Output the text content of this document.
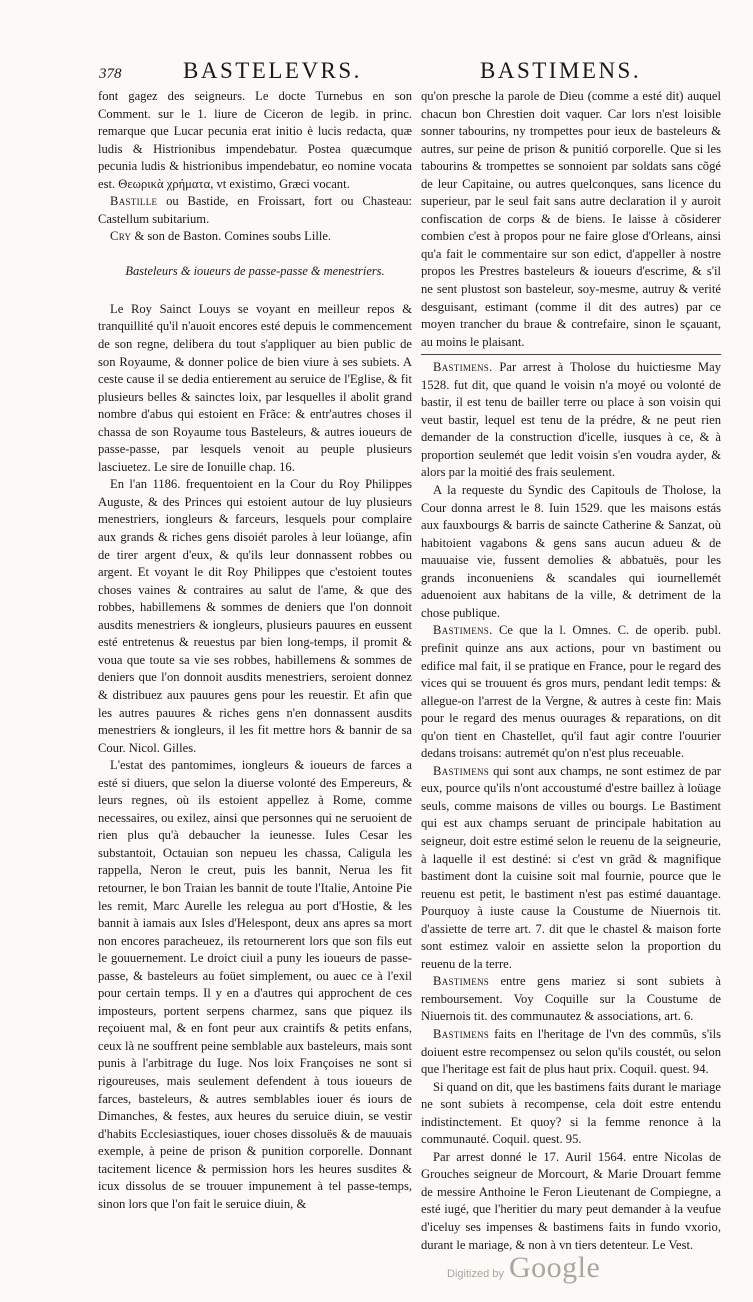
378	BASTELEVRS.	BASTIMENS.

font gagez des seigneurs. Le docte Turnebus en son Comment. sur le 1. liure de Ciceron de legib. in princ. remarque que Lucar pecunia erat initio è lucis redacta, quæ ludis & Histrionibus impendebatur. Postea quæcumque pecunia ludis & histrionibus impendebatur, eo nomine vocata est. Θεωρικὰ χρήματα, vt existimo, Græci vocant.

Bastille ou Bastide, en Froissart, fort ou Chasteau: Castellum subitarium.

Cry & son de Baston. Comines soubs Lille.

Basteleurs & ioueurs de passe-passe & menestriers.

Le Roy Sainct Louys se voyant en meilleur repos & tranquillité qu'il n'auoit encores esté depuis le commencement de son regne, delibera du tout s'appliquer au bien public de son Royaume, & donner police de bien viure à ses subiets. A ceste cause il se dedia entierement au seruice de l'Eglise, & fit plusieurs belles & sainctes loix, par lesquelles il abolit grand nombre d'abus qui estoient en Frãce: & entr'autres choses il chassa de son Royaume tous Basteleurs, & autres ioueurs de passe-passe, par lesquels venoit au peuple plusieurs lasciuetez. Le sire de Ionuille chap. 16.

En l'an 1186. frequentoient en la Cour du Roy Philippes Auguste, & des Princes qui estoient autour de luy plusieurs menestriers, iongleurs & farceurs, lesquels pour complaire aux grands & riches gens disoiét paroles à leur loüange, afin de tirer argent d'eux, & qu'ils leur donnassent robbes ou argent. Et voyant le dit Roy Philippes que c'estoient toutes choses vaines & contraires au salut de l'ame, & que des robbes, habillemens & sommes de deniers que l'on donnoit ausdits menestriers & iongleurs, plusieurs pauures en eussent esté entretenus & reuestus par bien long-temps, il promit & voua que toute sa vie ses robbes, habillemens & sommes de deniers que l'on donnoit ausdits menestriers, seroient donnez & distribuez aux pauures gens pour les reuestir. Et afin que les autres pauures & riches gens n'en donnassent ausdits menestriers & iongleurs, il les fit mettre hors & bannir de sa Cour. Nicol. Gilles.

L'estat des pantomimes, iongleurs & ioueurs de farces a esté si diuers, que selon la diuerse volonté des Empereurs, & leurs regnes, où ils estoient appellez à Rome, comme necessaires, ou exilez, ainsi que personnes qui ne seruoient de rien plus qu'à debaucher la ieunesse. Iules Cesar les substantoit, Octauian son nepueu les chassa, Caligula les rappella, Neron le creut, puis les bannit, Nerua les fit retourner, le bon Traian les bannit de toute l'Italie, Antoine Pie les remit, Marc Aurelle les relegua au port d'Hostie, & les bannit à iamais aux Isles d'Helespont, deux ans apres sa mort non encores paracheuez, ils retournerent lors que son fils eut le gouuernement. Le droict ciuil a puny les ioueurs de passe-passe, & basteleurs au foüet simplement, ou auec ce à l'exil pour certain temps. Il y en a d'autres qui approchent de ces imposteurs, portent serpens charmez, sans que piquez ils reçoiuent mal, & en font peur aux craintifs & petits enfans, ceux là ne souffrent peine semblable aux basteleurs, mais sont punis à l'arbitrage du Iuge. Nos loix Françoises ne sont si rigoureuses, mais seulement defendent à tous ioueurs de farces, basteleurs, & autres semblables iouer és iours de Dimanches, & festes, aux heures du seruice diuin, se vestir d'habits Ecclesiastiques, iouer choses dissoluës & de mauuais exemple, à peine de prison & punition corporelle. Donnant tacitement licence & permission hors les heures susdites & icux dissolus de se trouuer impunement à tel passe-temps, sinon lors que l'on fait le seruice diuin, &

qu'on presche la parole de Dieu (comme a esté dit) auquel chacun bon Chrestien doit vaquer. Car lors n'est loisible sonner tabourins, ny trompettes pour ieux de basteleurs & autres, sur peine de prison & punitió corporelle. Que si les tabourins & trompettes se sonnoient par soldats sans cõgé de leur Capitaine, ou autres quelconques, sans licence du superieur, par le seul fait sans autre declaration il y auroit confiscation de corps & de biens. Ie laisse à cõsiderer combien c'est à propos pour ne faire glose d'Orleans, ainsi qu'a fait le commentaire sur son edict, d'appeller à nostre propos les Prestres basteleurs & ioueurs d'escrime, & s'il ne sent plustost son basteleur, soy-mesme, autruy & verité desguisant, estimant (comme il dit des autres) par ce moyen trancher du braue & contrefaire, sinon le sçauant, au moins le plaisant.

Bastimens. Par arrest à Tholose du huictiesme May 1528. fut dit, que quand le voisin n'a moyé ou volonté de bastir, il est tenu de bailler terre ou place à son voisin qui veut bastir, lequel est tenu de la prédre, & ne peut rien demander de la construction d'icelle, iusques à ce, & à proportion seulemét que ledit voisin s'en voudra ayder, & alors par la moitié des frais seulement.

A la requeste du Syndic des Capitouls de Tholose, la Cour donna arrest le 8. Iuin 1529. que les maisons estás aux fauxbourgs & barris de saincte Catherine & Sanzat, où habitoient vagabons & gens sans aucun adueu & de mauuaise vie, fussent demolies & abbatuës, pour les grands inconueniens & scandales qui iournellemét aduenoient aux habitans de la ville, & detriment de la chose publique.

Bastimens. Ce que la l. Omnes. C. de operib. publ. prefinit quinze ans aux actions, pour vn bastiment ou edifice mal fait, il se pratique en France, pour le regard des vices qui se trouuent és gros murs, pendant ledit temps: & allegue-on l'arrest de la Vergne, & autres à ceste fin: Mais pour le regard des menus ouurages & reparations, on dit qu'on tient en Chastellet, qu'il faut agir contre l'ouurier dedans troisans: autremét qu'on n'est plus receuable.

Bastimens qui sont aux champs, ne sont estimez de par eux, pource qu'ils n'ont accoustumé d'estre baillez à loüage seuls, comme maisons de villes ou bourgs. Le Bastiment qui est aux champs seruant de principale habitation au seigneur, doit estre estimé selon le reuenu de la seigneurie, à laquelle il est destiné: si c'est vn grãd & magnifique bastiment dont la cuisine soit mal fournie, pource que le reuenu est petit, le bastiment n'est pas estimé dauantage. Pourquoy à iuste cause la Coustume de Niuernois tit. d'assiette de terre art. 7. dit que le chastel & maison forte sont estimez valoir en assiette selon la proportion du reuenu de la terre.

Bastimens entre gens mariez si sont subiets à remboursement. Voy Coquille sur la Coustume de Niuernois tit. des communautez & associations, art. 6.

Bastimens faits en l'heritage de l'vn des commũs, s'ils doiuent estre recompensez ou selon qu'ils coustét, ou selon que l'heritage est fait de plus haut prix. Coquil. quest. 94.

Si quand on dit, que les bastimens faits durant le mariage ne sont subiets à recompense, cela doit estre entendu indistinctement. Et quoy? si la femme renonce à la communauté. Coquil. quest. 95.

Par arrest donné le 17. Auril 1564. entre Nicolas de Grouches seigneur de Morcourt, & Marie Drouart femme de messire Anthoine le Feron Lieutenant de Compiegne, a esté iugé, que l'heritier du mary peut demander à la veufue d'iceluy ses impenses & bastimens faits in fundo vxorio, durant le mariage, & non à vn tiers detenteur. Le Vest.

Digitized by Google
